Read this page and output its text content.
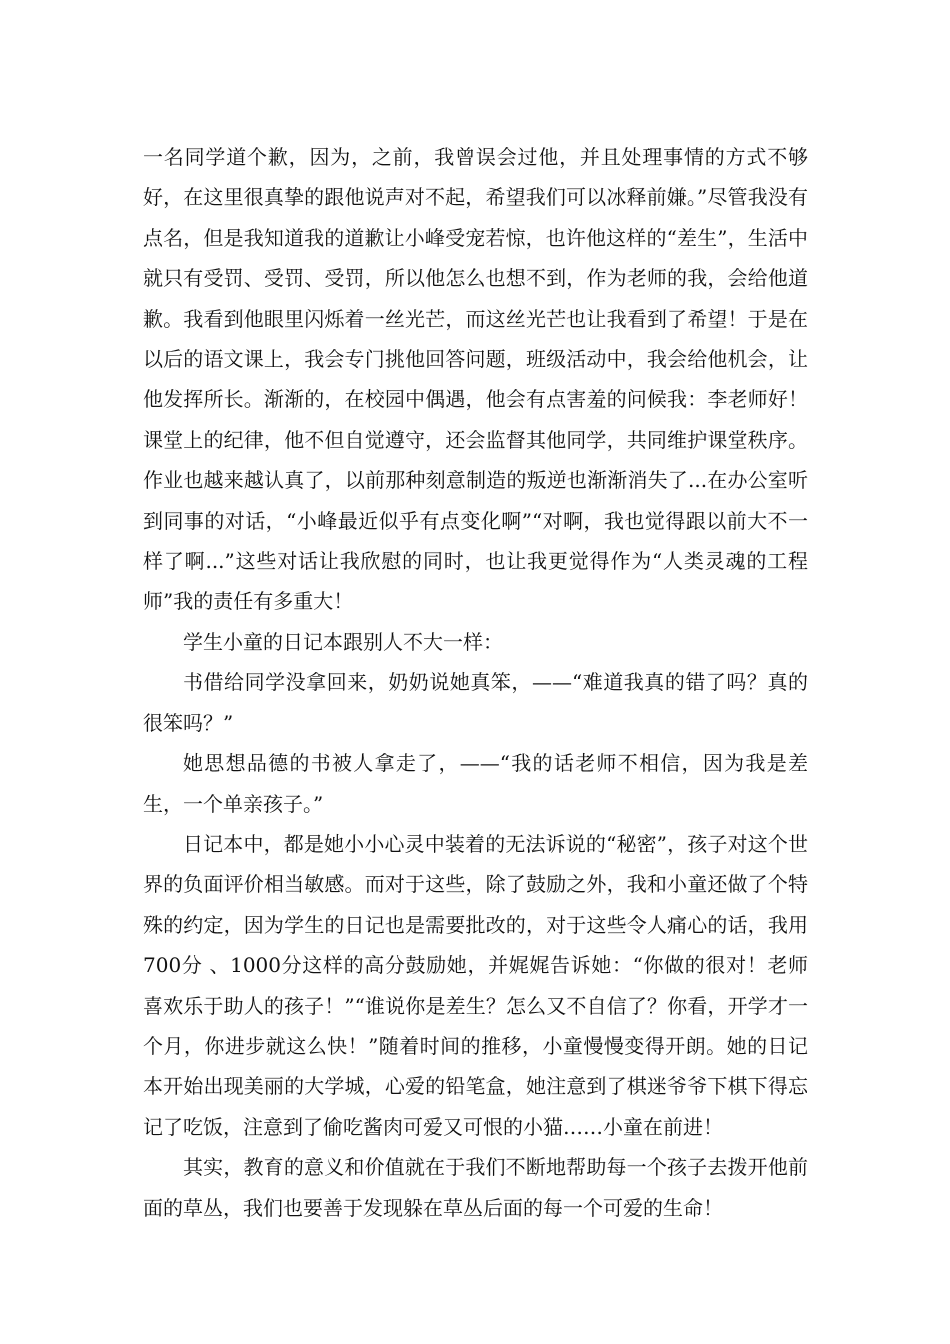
一名同学道个歉，因为，之前，我曾误会过他，并且处理事情的方式不够好，在这里很真挚的跟他说声对不起，希望我们可以冰释前嫌。”尽管我没有点名，但是我知道我的道歉让小峰受宠若惊，也许他这样的“差生”，生活中就只有受罚、受罚、受罚，所以他怎么也想不到，作为老师的我，会给他道歉。我看到他眼里闪烁着一丝光芒，而这丝光芒也让我看到了希望！于是在以后的语文课上，我会专门挑他回答问题，班级活动中，我会给他机会，让他发挥所长。渐渐的，在校园中偶遇，他会有点害羞的问候我：李老师好！课堂上的纪律，他不但自觉遵守，还会监督其他同学，共同维护课堂秩序。作业也越来越认真了，以前那种刻意制造的叛逆也渐渐消失了...在办公室听到同事的对话，“小峰最近似乎有点变化啊”“对啊，我也觉得跟以前大不一样了啊...”这些对话让我欣慰的同时，也让我更觉得作为“人类灵魂的工程师”我的责任有多重大！

学生小童的日记本跟别人不大一样：

书借给同学没拿回来，奶奶说她真笨，——“难道我真的错了吗？真的很笨吗？”

她思想品德的书被人拿走了，——“我的话老师不相信，因为我是差生，一个单亲孩子。”

日记本中，都是她小小心灵中装着的无法诉说的“秘密”，孩子对这个世界的负面评价相当敏感。而对于这些，除了鼓励之外，我和小童还做了个特殊的约定，因为学生的日记也是需要批改的，对于这些令人痛心的话，我用700分 、1000分这样的高分鼓励她，并娓娓告诉她：“你做的很对！老师喜欢乐于助人的孩子！”“谁说你是差生？怎么又不自信了？你看，开学才一个月，你进步就这么快！”随着时间的推移，小童慢慢变得开朗。她的日记本开始出现美丽的大学城，心爱的铅笔盒，她注意到了棋迷爷爷下棋下得忘记了吃饭，注意到了偷吃酱肉可爱又可恨的小猫……小童在前进！

其实，教育的意义和价值就在于我们不断地帮助每一个孩子去拨开他前面的草丛，我们也要善于发现躲在草丛后面的每一个可爱的生命！
